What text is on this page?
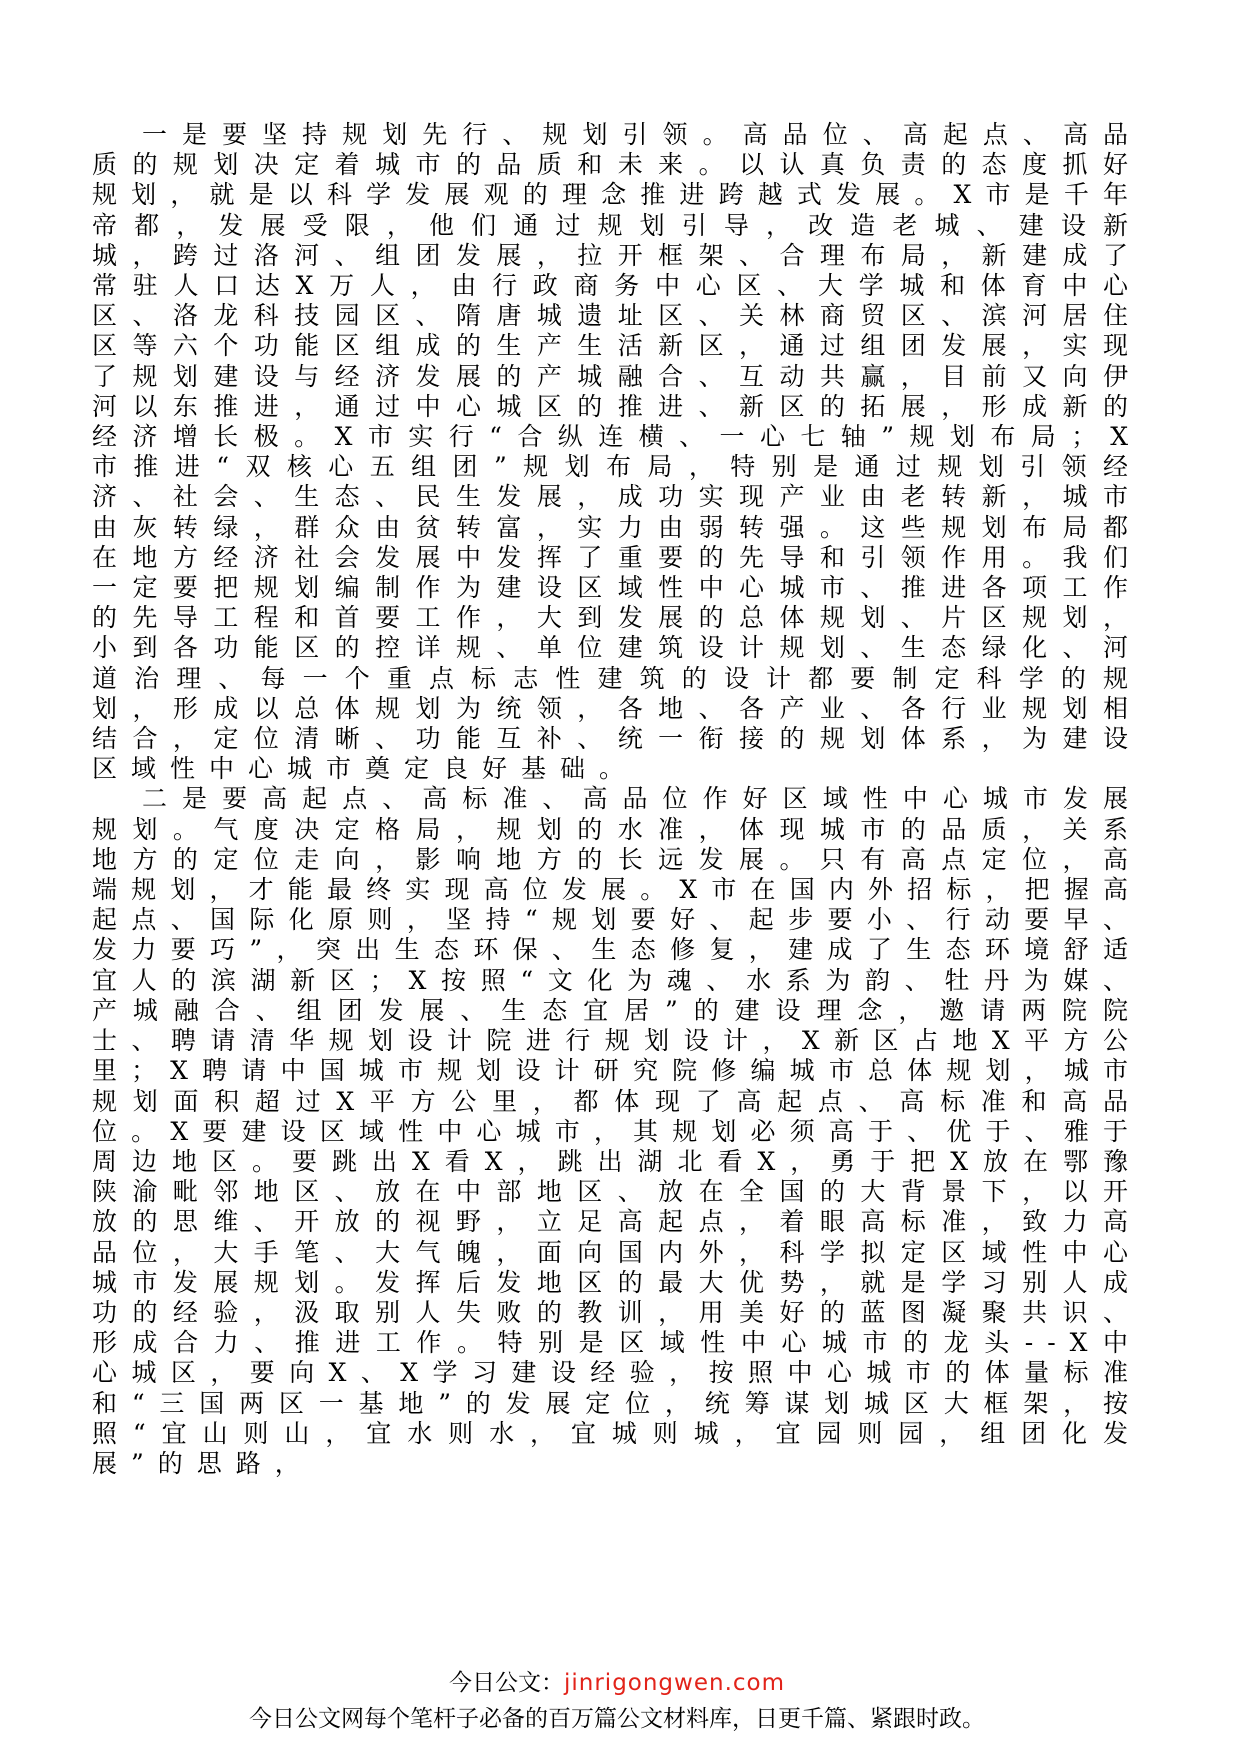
一是要坚持规划先行、规划引领。高品位、高起点、高品质的规划决定着城市的品质和未来。以认真负责的态度抓好规划，就是以科学发展观的理念推进跨越式发展。X市是千年帝都，发展受限，他们通过规划引导，改造老城、建设新城，跨过洛河、组团发展，拉开框架、合理布局，新建成了常驻人口达X万人，由行政商务中心区、大学城和体育中心区、洛龙科技园区、隋唐城遗址区、关林商贸区、滨河居住区等六个功能区组成的生产生活新区，通过组团发展，实现了规划建设与经济发展的产城融合、互动共赢，目前又向伊河以东推进，通过中心城区的推进、新区的拓展，形成新的经济增长极。X市实行“合纵连横、一心七轴”规划布局；X市推进“双核心五组团”规划布局，特别是通过规划引领经济、社会、生态、民生发展，成功实现产业由老转新，城市由灰转绿，群众由贫转富，实力由弱转强。这些规划布局都在地方经济社会发展中发挥了重要的先导和引领作用。我们一定要把规划编制作为建设区域性中心城市、推进各项工作的先导工程和首要工作，大到发展的总体规划、片区规划，小到各功能区的控详规、单位建筑设计规划、生态绿化、河道治理、每一个重点标志性建筑的设计都要制定科学的规划，形成以总体规划为统领，各地、各产业、各行业规划相结合，定位清晰、功能互补、统一衔接的规划体系，为建设区域性中心城市奠定良好基础。

二是要高起点、高标准、高品位作好区域性中心城市发展规划。气度决定格局，规划的水准，体现城市的品质，关系地方的定位走向，影响地方的长远发展。只有高点定位，高端规划，才能最终实现高位发展。X市在国内外招标，把握高起点、国际化原则，坚持“规划要好、起步要小、行动要早、发力要巧”，突出生态环保、生态修复，建成了生态环境舒适宜人的滨湖新区；X按照“文化为魂、水系为韵、牡丹为媒、产城融合、组团发展、生态宜居”的建设理念，邀请两院院士、聘请清华规划设计院进行规划设计，X新区占地X平方公里；X聘请中国城市规划设计研究院修编城市总体规划，城市规划面积超过X平方公里，都体现了高起点、高标准和高品位。X要建设区域性中心城市，其规划必须高于、优于、雅于周边地区。要跳出X看X，跳出湖北看X，勇于把X放在鄂豫陕渝毗邻地区、放在中部地区、放在全国的大背景下，以开放的思维、开放的视野，立足高起点，着眼高标准，致力高品位，大手笔、大气魄，面向国内外，科学拟定区域性中心城市发展规划。发挥后发地区的最大优势，就是学习别人成功的经验，汲取别人失败的教训，用美好的蓝图凝聚共识、形成合力、推进工作。特别是区域性中心城市的龙头--X中心城区，要向X、X学习建设经验，按照中心城市的体量标准和“三国两区一基地”的发展定位，统筹谋划城区大框架，按照“宜山则山，宜水则水，宜城则城，宜园则园，组团化发展”的思路，

今日公文：jinrigongwen.com
今日公文网每个笔杆子必备的百万篇公文材料库，日更千篇、紧跟时政。
